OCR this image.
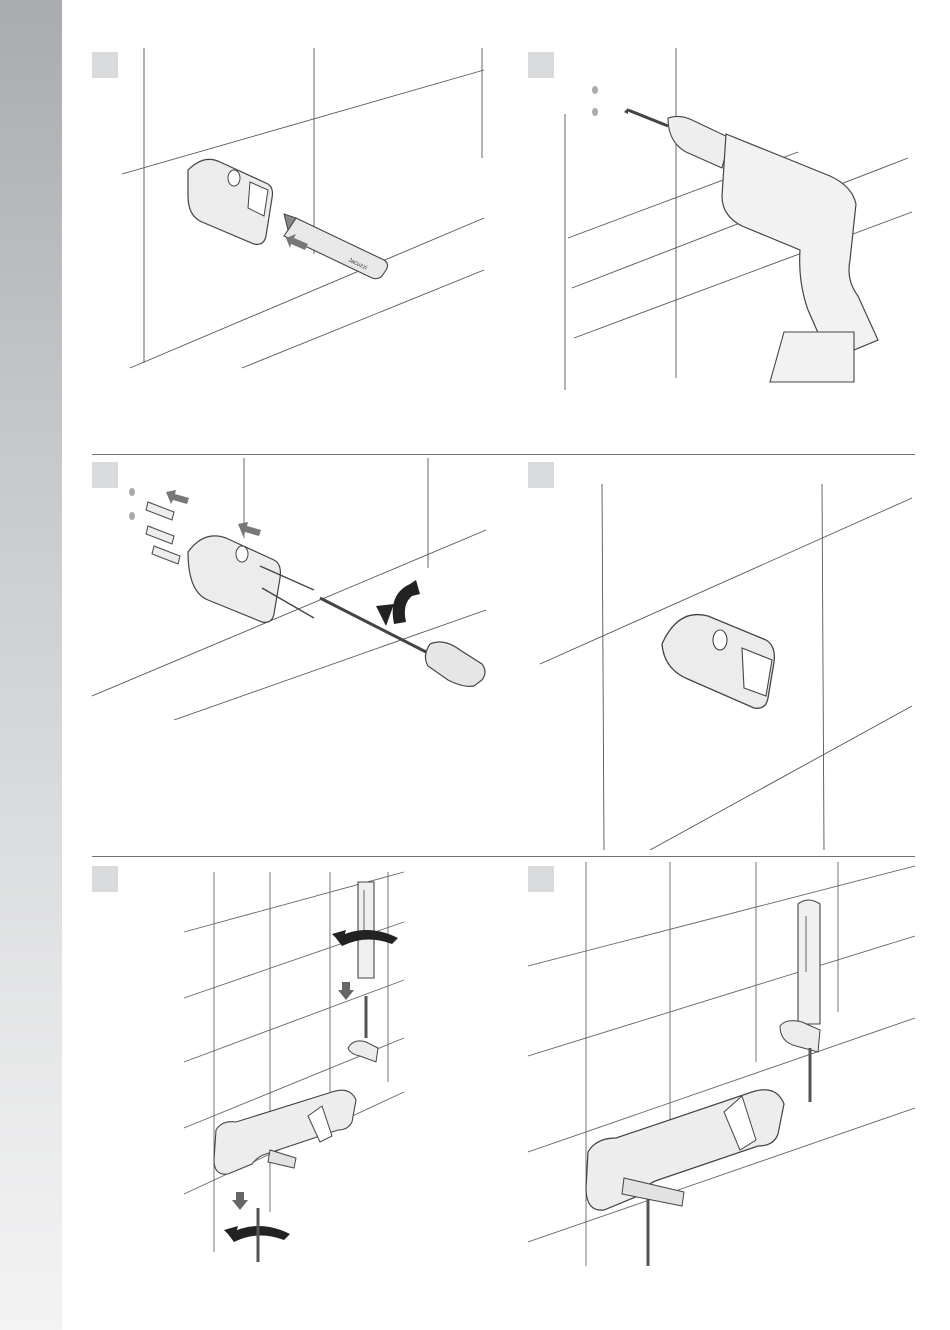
Jacuzzi
